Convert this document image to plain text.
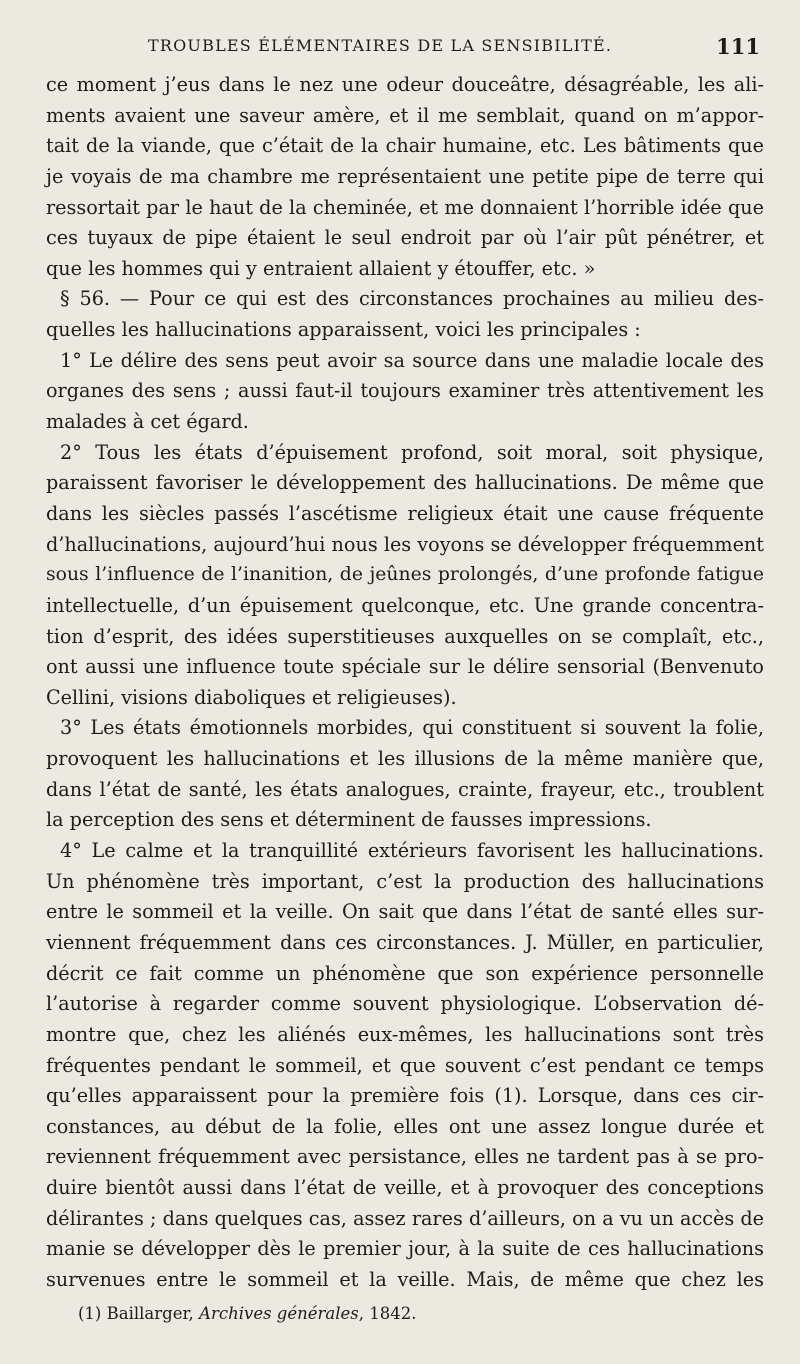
TROUBLES ÉLÉMENTAIRES DE LA SENSIBILITÉ.	111
ce moment j’eus dans le nez une odeur douceâtre, désagréable, les ali-
ments avaient une saveur amère, et il me semblait, quand on m’appor-
tait de la viande, que c’était de la chair humaine, etc. Les bâtiments que
je voyais de ma chambre me représentaient une petite pipe de terre qui
ressortait par le haut de la cheminée, et me donnaient l’horrible idée que
ces tuyaux de pipe étaient le seul endroit par où l’air pût pénétrer, et
que les hommes qui y entraient allaient y étouffer, etc. »
§ 56. — Pour ce qui est des circonstances prochaines au milieu des-
quelles les hallucinations apparaissent, voici les principales :
1° Le délire des sens peut avoir sa source dans une maladie locale des
organes des sens ; aussi faut-il toujours examiner très attentivement les
malades à cet égard.
2° Tous les états d’épuisement profond, soit moral, soit physique,
paraissent favoriser le développement des hallucinations. De même que
dans les siècles passés l’ascétisme religieux était une cause fréquente
d’hallucinations, aujourd’hui nous les voyons se développer fréquemment
sous l’influence de l’inanition, de jeûnes prolongés, d’une profonde fatigue
intellectuelle, d’un épuisement quelconque, etc. Une grande concentra-
tion d’esprit, des idées superstitieuses auxquelles on se complaît, etc.,
ont aussi une influence toute spéciale sur le délire sensorial (Benvenuto
Cellini, visions diaboliques et religieuses).
3° Les états émotionnels morbides, qui constituent si souvent la folie,
provoquent les hallucinations et les illusions de la même manière que,
dans l’état de santé, les états analogues, crainte, frayeur, etc., troublent
la perception des sens et déterminent de fausses impressions.
4° Le calme et la tranquillité extérieurs favorisent les hallucinations.
Un phénomène très important, c’est la production des hallucinations
entre le sommeil et la veille. On sait que dans l’état de santé elles sur-
viennent fréquemment dans ces circonstances. J. Müller, en particulier,
décrit ce fait comme un phénomène que son expérience personnelle
l’autorise à regarder comme souvent physiologique. L’observation dé-
montre que, chez les aliénés eux-mêmes, les hallucinations sont très
fréquentes pendant le sommeil, et que souvent c’est pendant ce temps
qu’elles apparaissent pour la première fois (1). Lorsque, dans ces cir-
constances, au début de la folie, elles ont une assez longue durée et
reviennent fréquemment avec persistance, elles ne tardent pas à se pro-
duire bientôt aussi dans l’état de veille, et à provoquer des conceptions
délirantes ; dans quelques cas, assez rares d’ailleurs, on a vu un accès de
manie se développer dès le premier jour, à la suite de ces hallucinations
survenues entre le sommeil et la veille. Mais, de même que chez les
(1) Baillarger, Archives générales, 1842.
